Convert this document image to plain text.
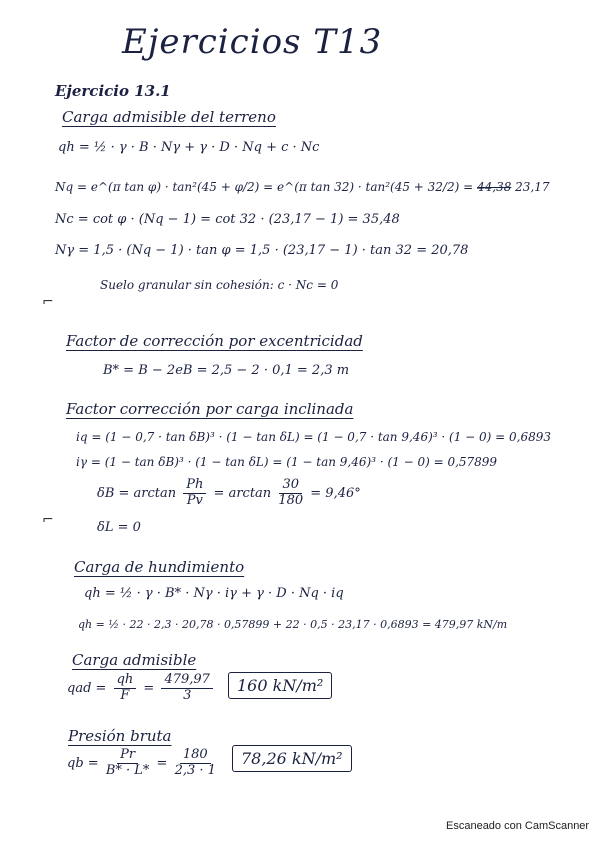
Ejercicios T13
Ejercicio 13.1
Carga admisible del terreno
qh = ½ · γ · B · Nγ + γ · D · Nq + c · Nc
Nq = e^(π tan φ) · tan²(45 + φ/2) = e^(π tan 32) · tan²(45 + 32/2) = 44,38 23,17
Nc = cot φ · (Nq − 1) = cot 32 · (23,17 − 1) = 35,48
Nγ = 1,5 · (Nq − 1) · tan φ = 1,5 · (23,17 − 1) · tan 32 = 20,78
Suelo granular sin cohesión: c · Nc = 0
⌐
Factor de corrección por excentricidad
B* = B − 2eB = 2,5 − 2 · 0,1 = 2,3 m
Factor corrección por carga inclinada
iq = (1 − 0,7 · tan δB)³ · (1 − tan δL) = (1 − 0,7 · tan 9,46)³ · (1 − 0) = 0,6893
iγ = (1 − tan δB)³ · (1 − tan δL) = (1 − tan 9,46)³ · (1 − 0) = 0,57899
$\delta B = \arctan \frac{Ph}{Pv} = \arctan \frac{30}{180} = 9,46^\circ$
⌐	δL = 0
Carga de hundimiento
qh = ½ · γ · B* · Nγ · iγ + γ · D · Nq · iq
qh = ½ · 22 · 2,3 · 20,78 · 0,57899 + 22 · 0,5 · 23,17 · 0,6893 = 479,97 kN/m
Carga admisible
qad = $\frac{qh}{F} = \frac{479,97}{3}$	160 kN/m²
Presión bruta
qb = $\frac{Pr}{B* \cdot L*} = \frac{180}{2,3 \cdot 1}$	78,26 kN/m²
Escaneado con CamScanner
